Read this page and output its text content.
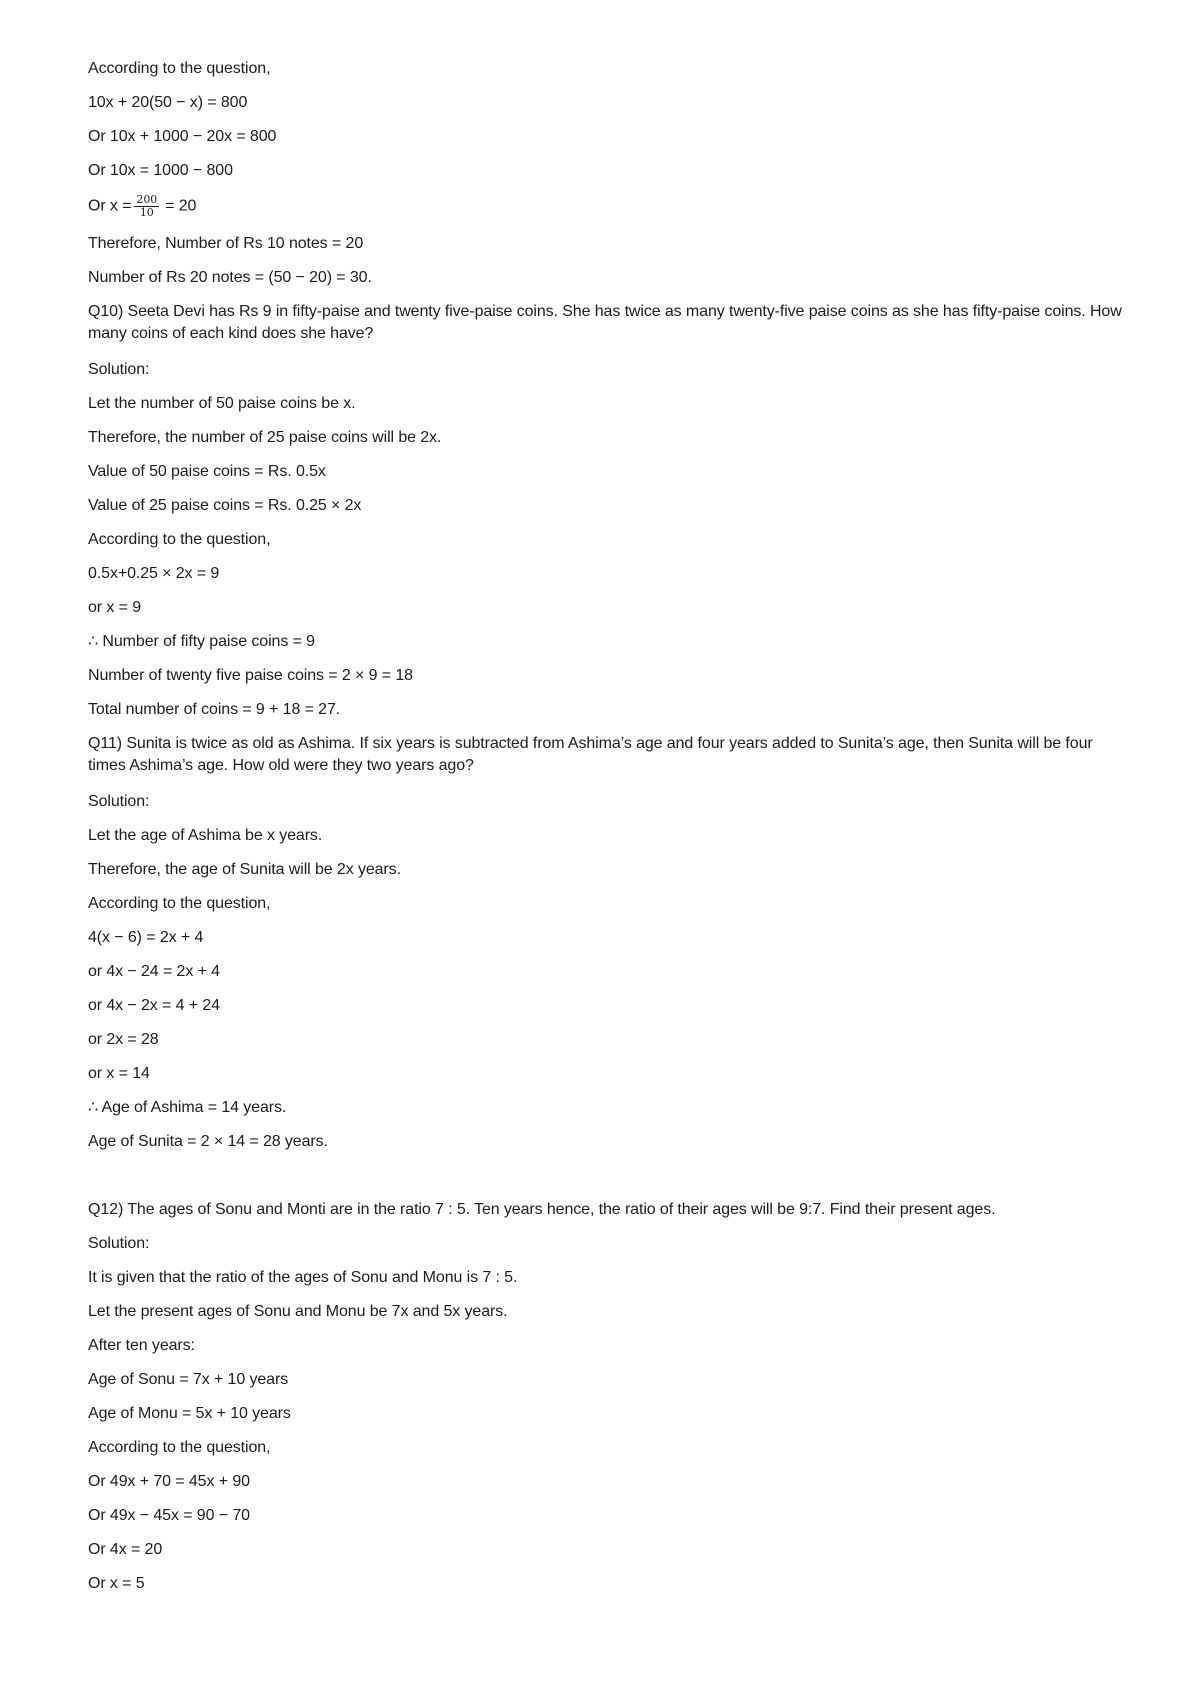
According to the question,
10x + 20(50 − x) = 800
Or 10x + 1000 − 20x = 800
Or 10x = 1000 − 800
Or $x = \frac{200}{10} = 20$
Therefore, Number of Rs 10 notes = 20
Number of Rs 20 notes = (50 − 20) = 30.
Q10) Seeta Devi has Rs 9 in fifty-paise and twenty five-paise coins. She has twice as many twenty-five paise coins as she has fifty-paise coins. How many coins of each kind does she have?
Solution:
Let the number of 50 paise coins be x.
Therefore, the number of 25 paise coins will be 2x.
Value of 50 paise coins = Rs. 0.5x
Value of 25 paise coins = Rs. 0.25 × 2x
According to the question,
0.5x+0.25 × 2x = 9
or x = 9
∴ Number of fifty paise coins = 9
Number of twenty five paise coins = 2 × 9 = 18
Total number of coins = 9 + 18 = 27.
Q11) Sunita is twice as old as Ashima. If six years is subtracted from Ashima’s age and four years added to Sunita’s age, then Sunita will be four times Ashima’s age. How old were they two years ago?
Solution:
Let the age of Ashima be x years.
Therefore, the age of Sunita will be 2x years.
According to the question,
4(x − 6) = 2x + 4
or 4x − 24 = 2x + 4
or 4x − 2x = 4 + 24
or 2x = 28
or x = 14
∴ Age of Ashima = 14 years.
Age of Sunita = 2 × 14 = 28 years.
Q12) The ages of Sonu and Monti are in the ratio 7 : 5. Ten years hence, the ratio of their ages will be 9:7. Find their present ages.
Solution:
It is given that the ratio of the ages of Sonu and Monu is 7 : 5.
Let the present ages of Sonu and Monu be 7x and 5x years.
After ten years:
Age of Sonu = 7x + 10 years
Age of Monu = 5x + 10 years
According to the question,
Or 49x + 70 = 45x + 90
Or 49x − 45x = 90 − 70
Or 4x = 20
Or x = 5
